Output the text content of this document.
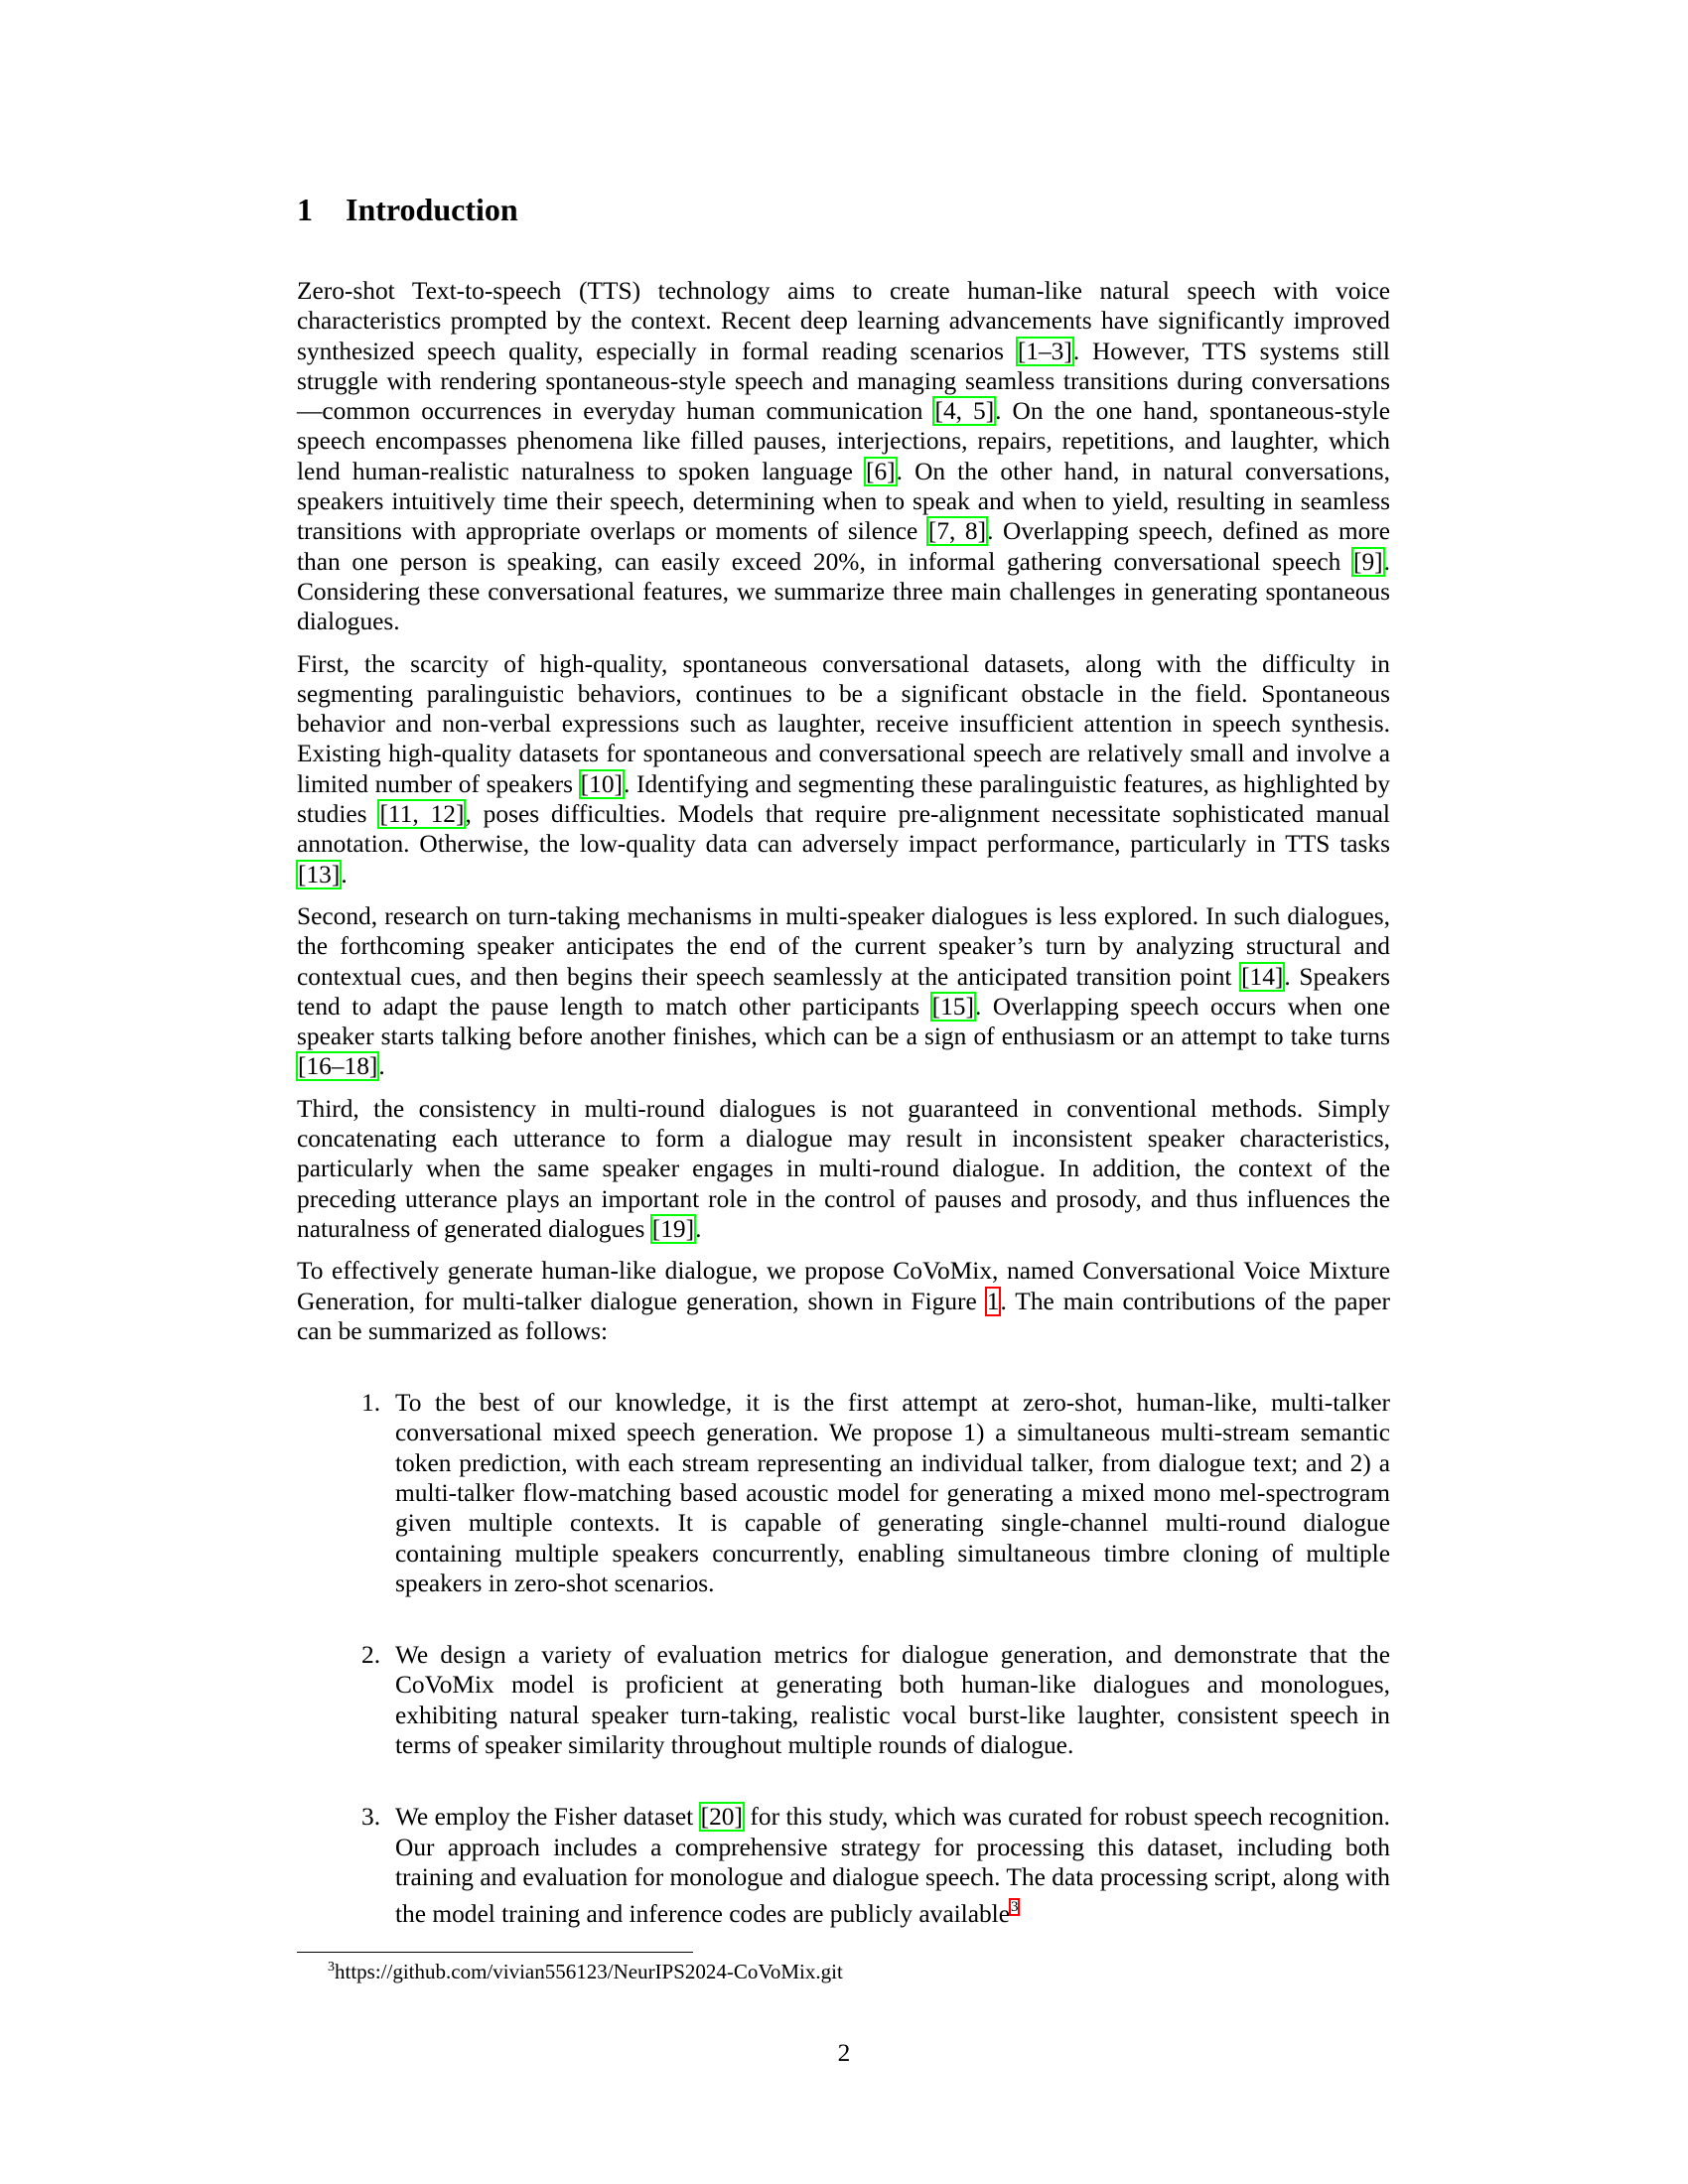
1 Introduction

Zero-shot Text-to-speech (TTS) technology aims to create human-like natural speech with voice characteristics prompted by the context. Recent deep learning advancements have significantly improved synthesized speech quality, especially in formal reading scenarios [1–3]. However, TTS systems still struggle with rendering spontaneous-style speech and managing seamless transitions during conversations—common occurrences in everyday human communication [4, 5]. On the one hand, spontaneous-style speech encompasses phenomena like filled pauses, interjections, repairs, repetitions, and laughter, which lend human-realistic naturalness to spoken language [6]. On the other hand, in natural conversations, speakers intuitively time their speech, determining when to speak and when to yield, resulting in seamless transitions with appropriate overlaps or moments of silence [7, 8]. Overlapping speech, defined as more than one person is speaking, can easily exceed 20%, in informal gathering conversational speech [9]. Considering these conversational features, we summarize three main challenges in generating spontaneous dialogues.

First, the scarcity of high-quality, spontaneous conversational datasets, along with the difficulty in segmenting paralinguistic behaviors, continues to be a significant obstacle in the field. Spontaneous behavior and non-verbal expressions such as laughter, receive insufficient attention in speech synthesis. Existing high-quality datasets for spontaneous and conversational speech are relatively small and involve a limited number of speakers [10]. Identifying and segmenting these paralinguistic features, as highlighted by studies [11, 12], poses difficulties. Models that require pre-alignment necessitate sophisticated manual annotation. Otherwise, the low-quality data can adversely impact performance, particularly in TTS tasks [13].

Second, research on turn-taking mechanisms in multi-speaker dialogues is less explored. In such dialogues, the forthcoming speaker anticipates the end of the current speaker’s turn by analyzing structural and contextual cues, and then begins their speech seamlessly at the anticipated transition point [14]. Speakers tend to adapt the pause length to match other participants [15]. Overlapping speech occurs when one speaker starts talking before another finishes, which can be a sign of enthusiasm or an attempt to take turns [16–18].

Third, the consistency in multi-round dialogues is not guaranteed in conventional methods. Simply concatenating each utterance to form a dialogue may result in inconsistent speaker characteristics, particularly when the same speaker engages in multi-round dialogue. In addition, the context of the preceding utterance plays an important role in the control of pauses and prosody, and thus influences the naturalness of generated dialogues [19].

To effectively generate human-like dialogue, we propose CoVoMix, named Conversational Voice Mixture Generation, for multi-talker dialogue generation, shown in Figure 1. The main contributions of the paper can be summarized as follows:

1. To the best of our knowledge, it is the first attempt at zero-shot, human-like, multi-talker conversational mixed speech generation. We propose 1) a simultaneous multi-stream semantic token prediction, with each stream representing an individual talker, from dialogue text; and 2) a multi-talker flow-matching based acoustic model for generating a mixed mono mel-spectrogram given multiple contexts. It is capable of generating single-channel multi-round dialogue containing multiple speakers concurrently, enabling simultaneous timbre cloning of multiple speakers in zero-shot scenarios.
2. We design a variety of evaluation metrics for dialogue generation, and demonstrate that the CoVoMix model is proficient at generating both human-like dialogues and monologues, exhibiting natural speaker turn-taking, realistic vocal burst-like laughter, consistent speech in terms of speaker similarity throughout multiple rounds of dialogue.
3. We employ the Fisher dataset [20] for this study, which was curated for robust speech recognition. Our approach includes a comprehensive strategy for processing this dataset, including both training and evaluation for monologue and dialogue speech. The data processing script, along with the model training and inference codes are publicly available$^3$
$^3$https://github.com/vivian556123/NeurIPS2024-CoVoMix.git
2
